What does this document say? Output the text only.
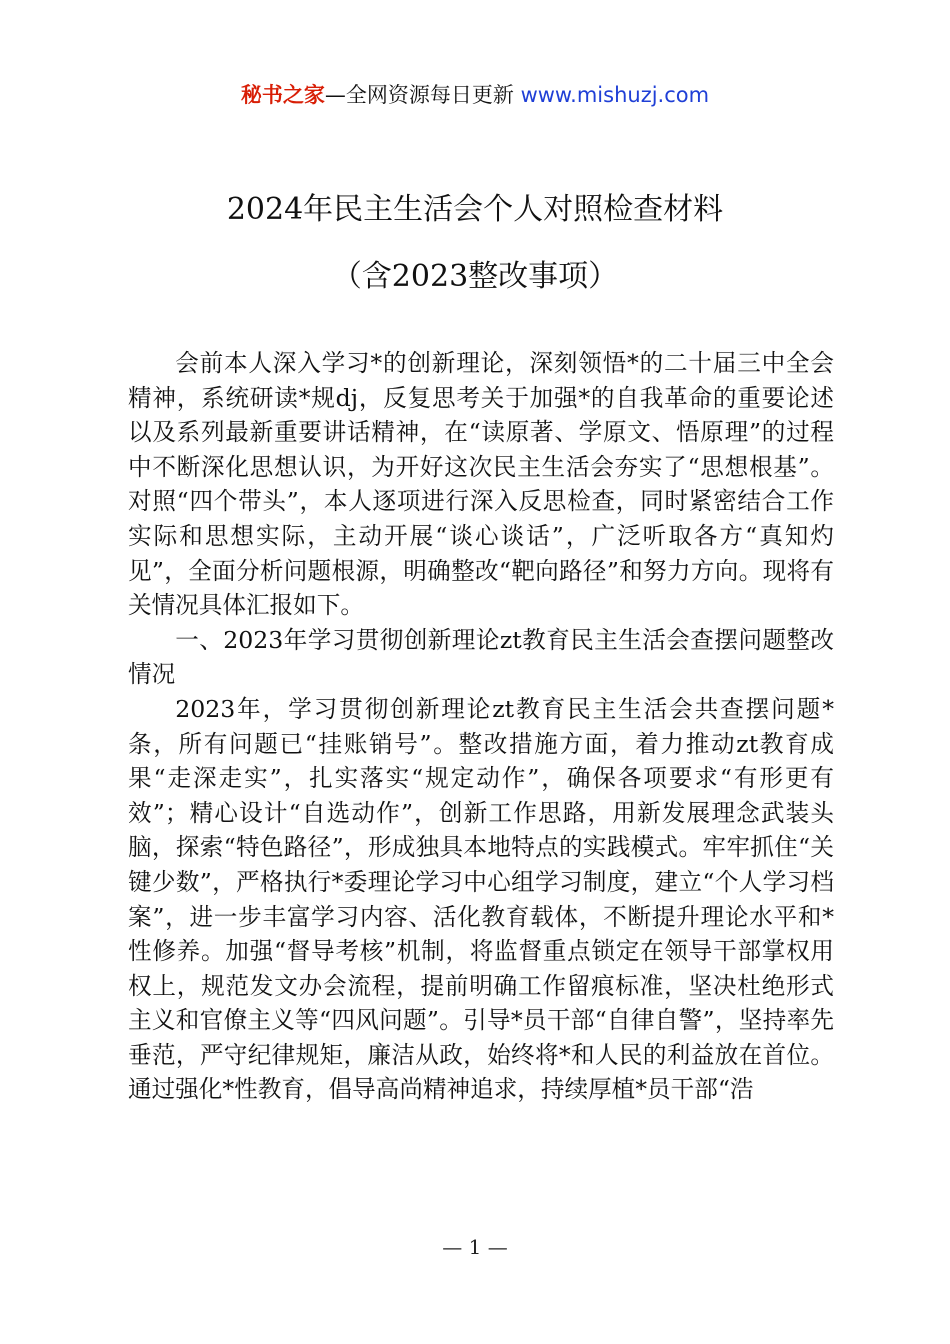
秘书之家—全网资源每日更新 www.mishuzj.com
2024年民主生活会个人对照检查材料
（含2023整改事项）

会前本人深入学习*的创新理论，深刻领悟*的二十届三中全会精神，系统研读*规dj，反复思考关于加强*的自我革命的重要论述以及系列最新重要讲话精神，在“读原著、学原文、悟原理”的过程中不断深化思想认识，为开好这次民主生活会夯实了“思想根基”。对照“四个带头”，本人逐项进行深入反思检查，同时紧密结合工作实际和思想实际，主动开展“谈心谈话”，广泛听取各方“真知灼见”，全面分析问题根源，明确整改“靶向路径”和努力方向。现将有关情况具体汇报如下。

一、2023年学习贯彻创新理论zt教育民主生活会查摆问题整改情况

2023年，学习贯彻创新理论zt教育民主生活会共查摆问题*条，所有问题已“挂账销号”。整改措施方面，着力推动zt教育成果“走深走实”，扎实落实“规定动作”，确保各项要求“有形更有效”；精心设计“自选动作”，创新工作思路，用新发展理念武装头脑，探索“特色路径”，形成独具本地特点的实践模式。牢牢抓住“关键少数”，严格执行*委理论学习中心组学习制度，建立“个人学习档案”，进一步丰富学习内容、活化教育载体，不断提升理论水平和*性修养。加强“督导考核”机制，将监督重点锁定在领导干部掌权用权上，规范发文办会流程，提前明确工作留痕标准，坚决杜绝形式主义和官僚主义等“四风问题”。引导*员干部“自律自警”，坚持率先垂范，严守纪律规矩，廉洁从政，始终将*和人民的利益放在首位。通过强化*性教育，倡导高尚精神追求，持续厚植*员干部“浩

— 1 —
